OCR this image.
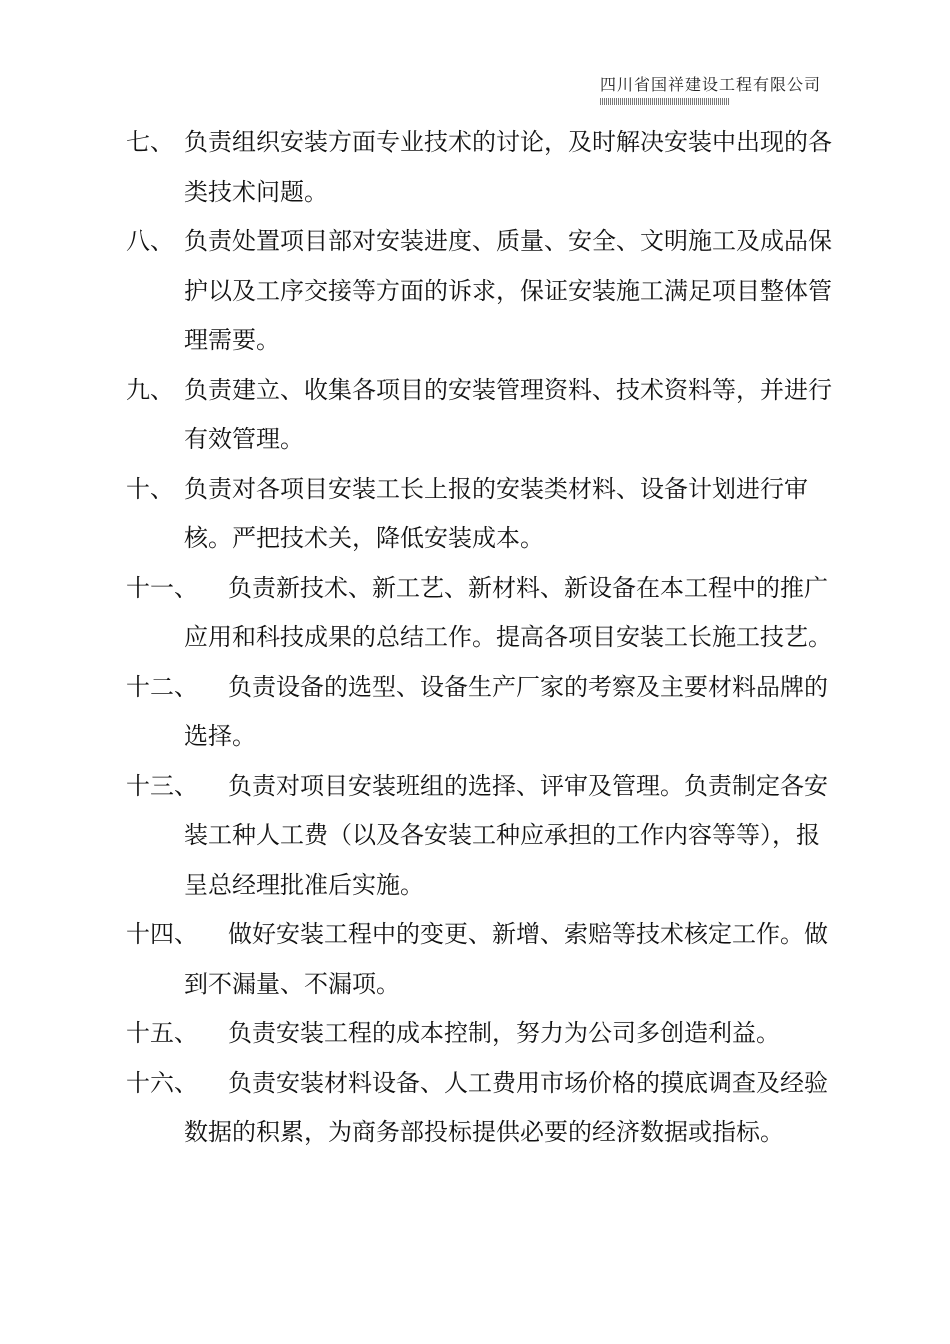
四川省国祥建设工程有限公司
七、 负责组织安装方面专业技术的讨论，及时解决安装中出现的各类技术问题。
八、 负责处置项目部对安装进度、质量、安全、文明施工及成品保护以及工序交接等方面的诉求，保证安装施工满足项目整体管理需要。
九、 负责建立、收集各项目的安装管理资料、技术资料等，并进行有效管理。
十、 负责对各项目安装工长上报的安装类材料、设备计划进行审核。严把技术关，降低安装成本。
十一、	负责新技术、新工艺、新材料、新设备在本工程中的推广应用和科技成果的总结工作。提高各项目安装工长施工技艺。
十二、	负责设备的选型、设备生产厂家的考察及主要材料品牌的选择。
十三、	负责对项目安装班组的选择、评审及管理。负责制定各安装工种人工费（以及各安装工种应承担的工作内容等等），报呈总经理批准后实施。
十四、	做好安装工程中的变更、新增、索赔等技术核定工作。做到不漏量、不漏项。
十五、	负责安装工程的成本控制，努力为公司多创造利益。
十六、	负责安装材料设备、人工费用市场价格的摸底调查及经验数据的积累，为商务部投标提供必要的经济数据或指标。
